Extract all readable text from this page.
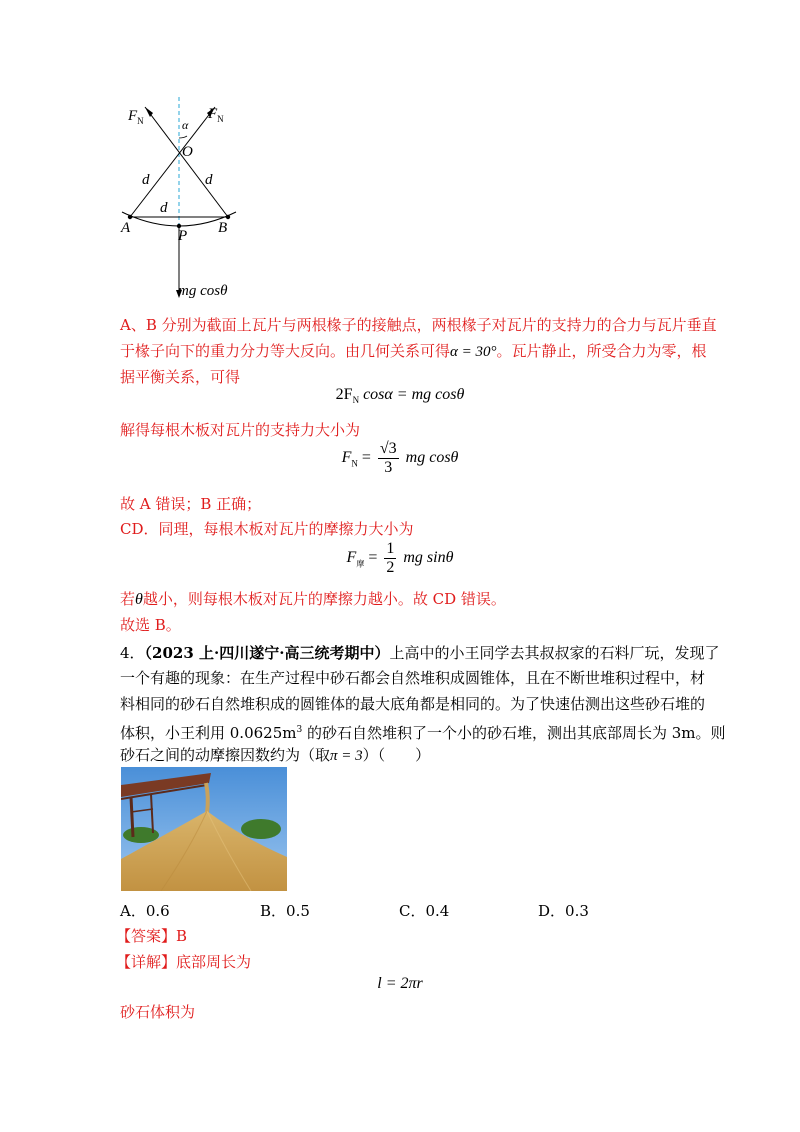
$F_N$	$F_N$
α
O
d	d
d
A	P B
mg cosθ
A、B 分别为截面上瓦片与两根椽子的接触点，两根椽子对瓦片的支持力的合力与瓦片垂直
于椽子向下的重力分力等大反向。由几何关系可得α = 30°。瓦片静止，所受合力为零，根
据平衡关系，可得
$2F_N$ cosα = mg cosθ
解得每根木板对瓦片的支持力大小为
$F_N = \frac{√3}{3}$ mg cosθ
故 A 错误；B 正确；
CD．同理，每根木板对瓦片的摩擦力大小为
$F_摩 = \frac{1}{2}$ mg sinθ
若θ越小，则每根木板对瓦片的摩擦力越小。故 CD 错误。
故选 B。
4．（2023 上·四川遂宁·高三统考期中）上高中的小王同学去其叔叔家的石料厂玩，发现了
一个有趣的现象：在生产过程中砂石都会自然堆积成圆锥体，且在不断世堆积过程中，材
料相同的砂石自然堆积成的圆锥体的最大底角都是相同的。为了快速估测出这些砂石堆的
体积，小王利用 $0.0625m^3$ 的砂石自然堆积了一个小的砂石堆，测出其底部周长为 3m。则
砂石之间的动摩擦因数约为（取π = 3）（　　）
A．0.6	B．0.5	C．0.4	D．0.3
【答案】B
【详解】底部周长为
l = 2πr
砂石体积为
